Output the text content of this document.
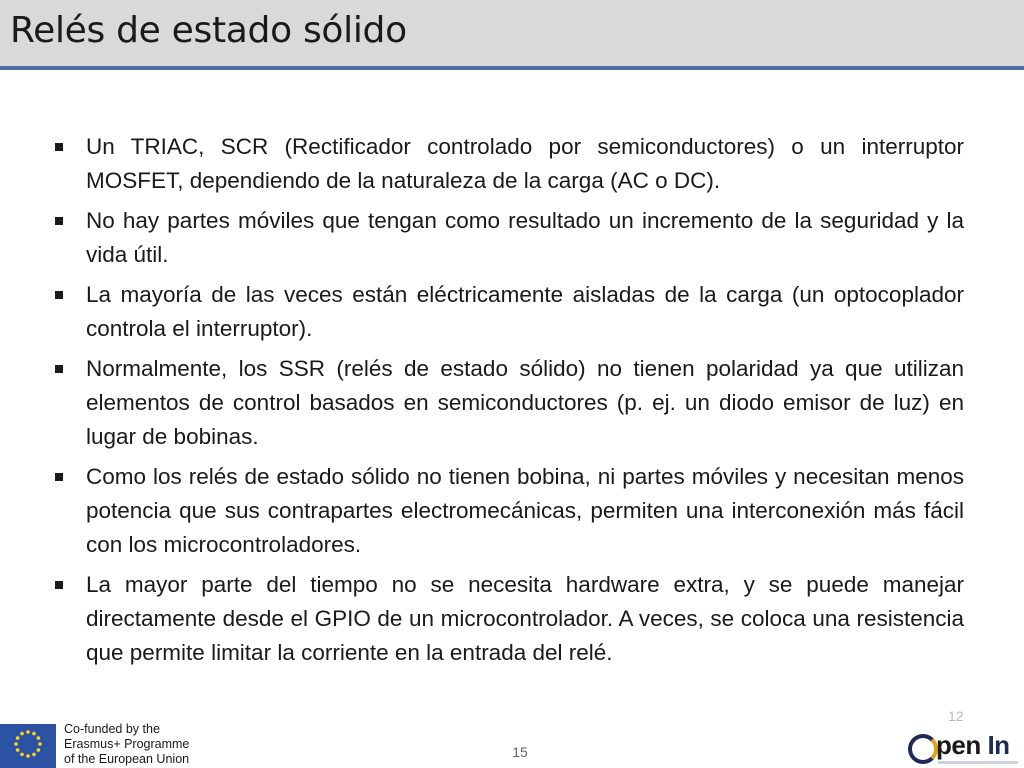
Relés de estado sólido
Un TRIAC, SCR (Rectificador controlado por semiconductores) o un interruptor MOSFET, dependiendo de la naturaleza de la carga (AC o DC).
No hay partes móviles que tengan como resultado un incremento de la seguridad y la vida útil.
La mayoría de las veces están eléctricamente aisladas de la carga (un optocoplador controla el interruptor).
Normalmente, los SSR (relés de estado sólido) no tienen polaridad ya que utilizan elementos de control basados en semiconductores (p. ej. un diodo emisor de luz) en lugar de bobinas.
Como los relés de estado sólido no tienen bobina, ni partes móviles y necesitan menos potencia que sus contrapartes electromecánicas, permiten una interconexión más fácil con los microcontroladores.
La mayor parte del tiempo no se necesita hardware extra, y se puede manejar directamente desde el GPIO de un microcontrolador. A veces, se coloca una resistencia que permite limitar la corriente en la entrada del relé.
Co-funded by the
Erasmus+ Programme
of the European Union	15
12
pen In
